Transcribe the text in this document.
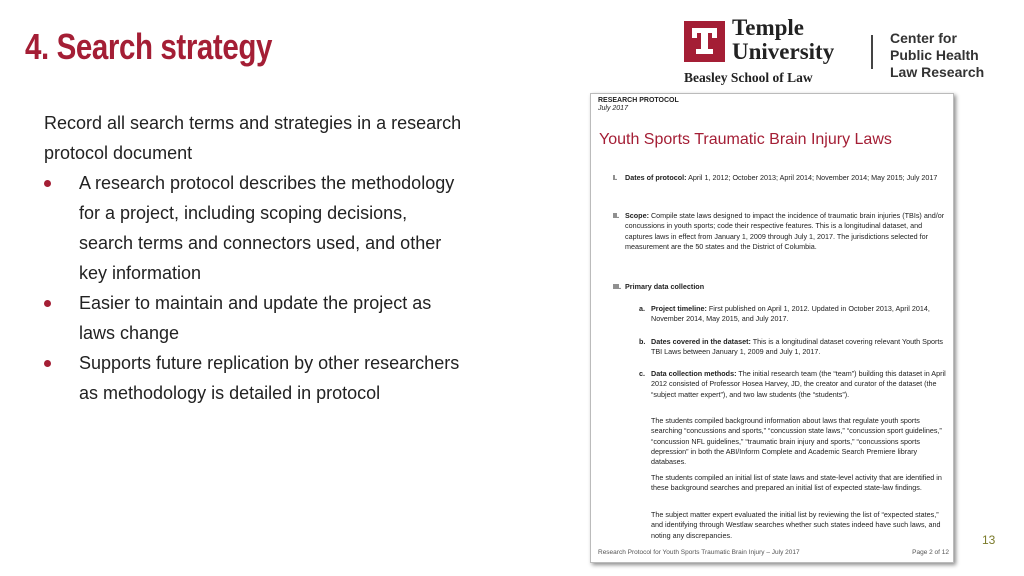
4. Search strategy	Temple
University
Beasley School of Law
Center for
Public Health
Law Research

Record all search terms and strategies in a research protocol document

A research protocol describes the methodology for a project, including scoping decisions, search terms and connectors used, and other key information
Easier to maintain and update the project as laws change
Supports future replication by other researchers as methodology is detailed in protocol
RESEARCH PROTOCOL
July 2017
Youth Sports Traumatic Brain Injury Laws
I. Dates of protocol: April 1, 2012; October 2013; April 2014; November 2014; May 2015; July 2017
II. Scope: Compile state laws designed to impact the incidence of traumatic brain injuries (TBIs) and/or concussions in youth sports; code their respective features. This is a longitudinal dataset, and captures laws in effect from January 1, 2009 through July 1, 2017. The jurisdictions selected for measurement are the 50 states and the District of Columbia.
III. Primary data collection
a. Project timeline: First published on April 1, 2012. Updated in October 2013, April 2014, November 2014, May 2015, and July 2017.
b. Dates covered in the dataset: This is a longitudinal dataset covering relevant Youth Sports TBI Laws between January 1, 2009 and July 1, 2017.
c. Data collection methods: The initial research team (the “team”) building this dataset in April 2012 consisted of Professor Hosea Harvey, JD, the creator and curator of the dataset (the “subject matter expert”), and two law students (the “students”).
The students compiled background information about laws that regulate youth sports searching “concussions and sports,” “concussion state laws,” “concussion sport guidelines,” “concussion NFL guidelines,” “traumatic brain injury and sports,” “concussions sports depression” in both the ABI/Inform Complete and Academic Search Premiere library databases.
The students compiled an initial list of state laws and state-level activity that are identified in these background searches and prepared an initial list of expected state-law findings.
The subject matter expert evaluated the initial list by reviewing the list of “expected states,” and identifying through Westlaw searches whether such states indeed have such laws, and noting any discrepancies.
Research Protocol for Youth Sports Traumatic Brain Injury – July 2017	Page 2 of 12
13
